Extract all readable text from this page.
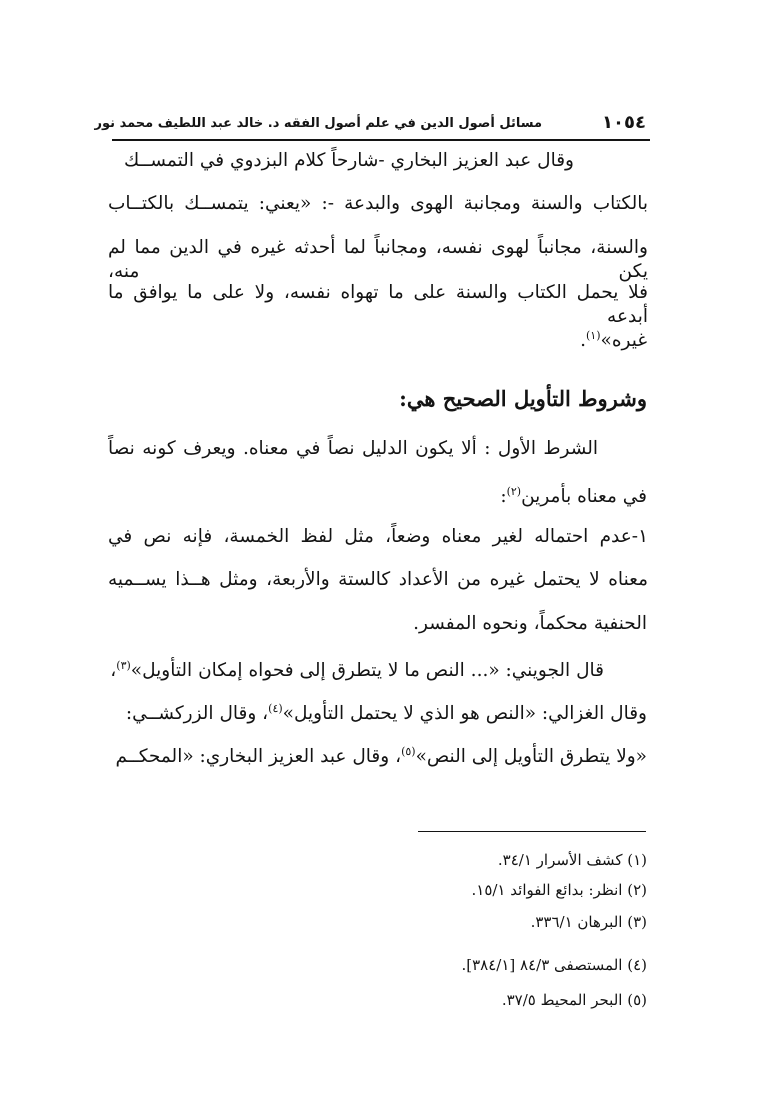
١٠٥٤
مسائل أصول الدين في علم أصول الفقه د. خالد عبد اللطيف محمد نور
وقال عبد العزيز البخاري -شارحاً كلام البزدوي في التمســك
بالكتاب والسنة ومجانبة الهوى والبدعة -: «يعني: يتمســك بالكتــاب
والسنة، مجانباً لهوى نفسه، ومجانباً لما أحدثه غيره في الدين مما لم يكن منه،
فلا يحمل الكتاب والسنة على ما تهواه نفسه، ولا على ما يوافق ما أبدعه
غيره»$^{(١)}$.
وشروط التأويل الصحيح هي:
الشرط الأول : ألا يكون الدليل نصاً في معناه. ويعرف كونه نصاً
في معناه بأمرين$^{(٢)}$:
١-عدم احتماله لغير معناه وضعاً، مثل لفظ الخمسة، فإنه نص في
معناه لا يحتمل غيره من الأعداد كالستة والأربعة، ومثل هــذا يســميه
الحنفية محكماً، ونحوه المفسر.
قال الجويني: «... النص ما لا يتطرق إلى فحواه إمكان التأويل»$^{(٣)}$،
وقال الغزالي: «النص هو الذي لا يحتمل التأويل»$^{(٤)}$، وقال الزركشــي:
«ولا يتطرق التأويل إلى النص»$^{(٥)}$، وقال عبد العزيز البخاري: «المحكــم
(١) كشف الأسرار ٣٤/١.
(٢) انظر: بدائع الفوائد ١٥/١.
(٣) البرهان ٣٣٦/١.
(٤) المستصفى ٨٤/٣ [٣٨٤/١].
(٥) البحر المحيط ٣٧/٥.
